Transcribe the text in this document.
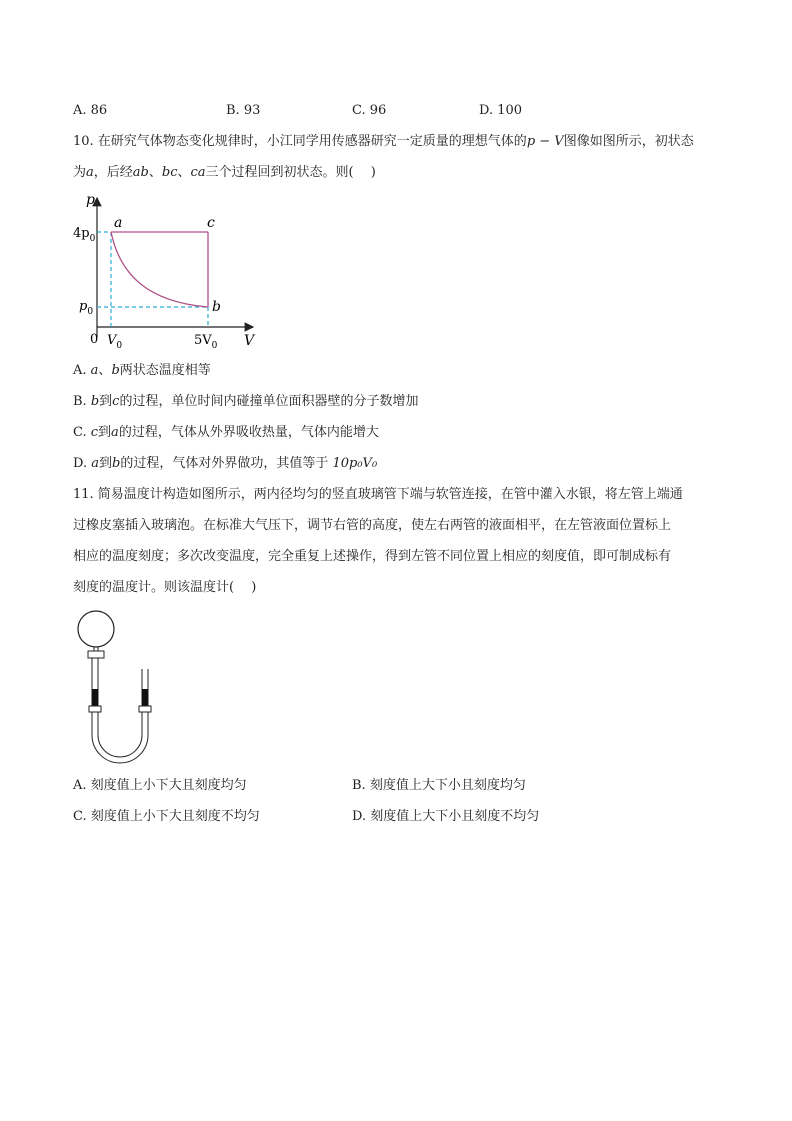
A. 86	B. 93	C. 96	D. 100
10. 在研究气体物态变化规律时，小江同学用传感器研究一定质量的理想气体的p − V图像如图所示，初状态
为a，后经ab、bc、ca三个过程回到初状态。则(　 )
p
V
0
a	c
b
$4p_0$
$p_0$
$V_0$	$5V_0$
A. a、b两状态温度相等
B. b到c的过程，单位时间内碰撞单位面积器壁的分子数增加
C. c到a的过程，气体从外界吸收热量，气体内能增大
D. a到b的过程，气体对外界做功，其值等于 10p₀V₀
11. 简易温度计构造如图所示，两内径均匀的竖直玻璃管下端与软管连接，在管中灌入水银，将左管上端通
过橡皮塞插入玻璃泡。在标准大气压下，调节右管的高度，使左右两管的液面相平，在左管液面位置标上
相应的温度刻度；多次改变温度，完全重复上述操作，得到左管不同位置上相应的刻度值，即可制成标有
刻度的温度计。则该温度计(　 )
A. 刻度值上小下大且刻度均匀	B. 刻度值上大下小且刻度均匀
C. 刻度值上小下大且刻度不均匀	D. 刻度值上大下小且刻度不均匀
